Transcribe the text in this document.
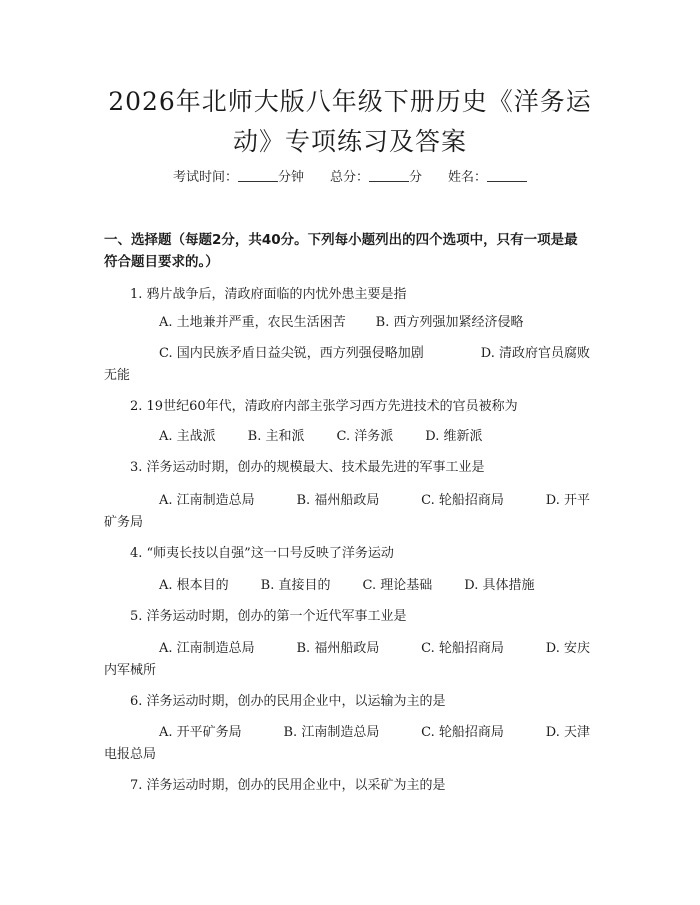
2026年北师大版八年级下册历史《洋务运
动》专项练习及答案
考试时间：	分钟 总分：	分 姓名：
一、选择题（每题2分，共40分。下列每小题列出的四个选项中，只有一项是最
符合题目要求的。）
1. 鸦片战争后，清政府面临的内忧外患主要是指
A. 土地兼并严重，农民生活困苦 B. 西方列强加紧经济侵略
C. 国内民族矛盾日益尖锐，西方列强侵略加剧	D. 清政府官员腐败
无能
2. 19世纪60年代，清政府内部主张学习西方先进技术的官员被称为
A. 主战派 B. 主和派 C. 洋务派 D. 维新派
3. 洋务运动时期，创办的规模最大、技术最先进的军事工业是
A. 江南制造总局	B. 福州船政局	C. 轮船招商局	D. 开平
矿务局
4. “师夷长技以自强”这一口号反映了洋务运动
A. 根本目的 B. 直接目的 C. 理论基础 D. 具体措施
5. 洋务运动时期，创办的第一个近代军事工业是
A. 江南制造总局	B. 福州船政局	C. 轮船招商局	D. 安庆
内军械所
6. 洋务运动时期，创办的民用企业中，以运输为主的是
A. 开平矿务局	B. 江南制造总局	C. 轮船招商局	D. 天津
电报总局
7. 洋务运动时期，创办的民用企业中，以采矿为主的是
